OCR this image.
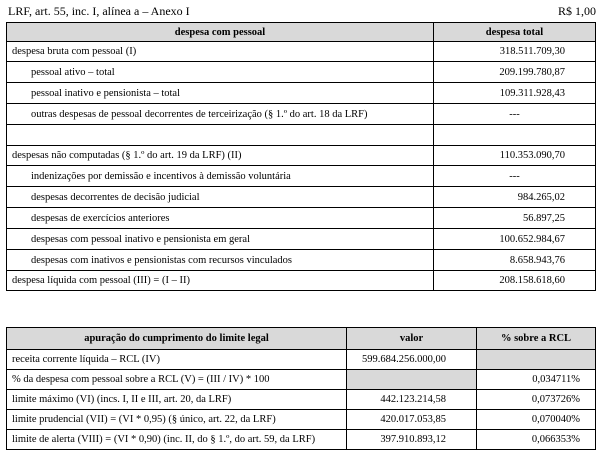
LRF, art. 55, inc. I, alínea a – Anexo I	R$ 1,00
despesa com pessoal	despesa total
despesa bruta com pessoal (I)	318.511.709,30
pessoal ativo – total	209.199.780,87
pessoal inativo e pensionista – total	109.311.928,43
outras despesas de pessoal decorrentes de terceirização (§ 1.º do art. 18 da LRF)	---

despesas não computadas (§ 1.º do art. 19 da LRF) (II)	110.353.090,70
indenizações por demissão e incentivos à demissão voluntária	---
despesas decorrentes de decisão judicial	984.265,02
despesas de exercícios anteriores	56.897,25
despesas com pessoal inativo e pensionista em geral	100.652.984,67
despesas com inativos e pensionistas com recursos vinculados	8.658.943,76
despesa líquida com pessoal (III) = (I – II)	208.158.618,60
apuração do cumprimento do limite legal	valor	% sobre a RCL
receita corrente líquida – RCL (IV)	599.684.256.000,00	
% da despesa com pessoal sobre a RCL (V) = (III / IV) * 100		0,034711%
limite máximo (VI) (incs. I, II e III, art. 20, da LRF)	442.123.214,58	0,073726%
limite prudencial (VII) = (VI * 0,95) (§ único, art. 22, da LRF)	420.017.053,85	0,070040%
limite de alerta (VIII) = (VI * 0,90) (inc. II, do § 1.º, do art. 59, da LRF)	397.910.893,12	0,066353%
